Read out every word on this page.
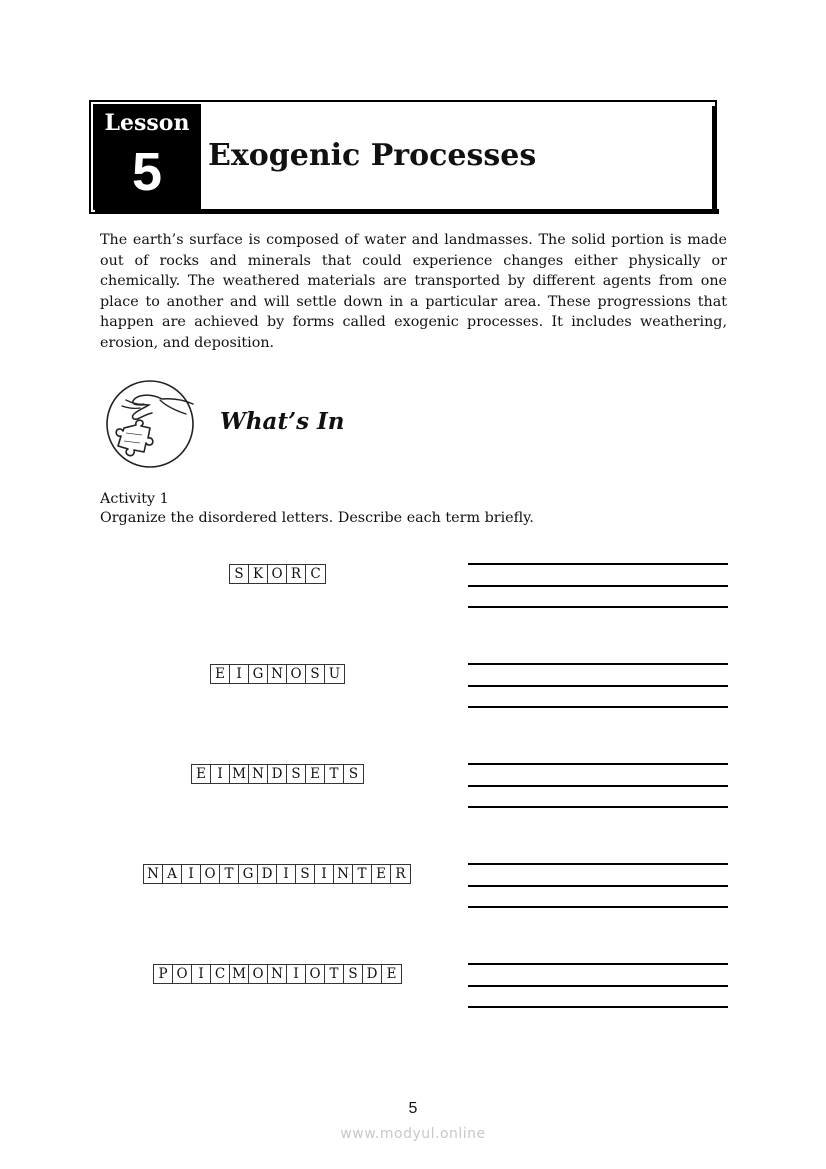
Lesson
5	Exogenic Processes

The earth’s surface is composed of water and landmasses. The solid portion is made out of rocks and minerals that could experience changes either physically or chemically. The weathered materials are transported by different agents from one place to another and will settle down in a particular area. These progressions that happen are achieved by forms called exogenic processes. It includes weathering, erosion, and deposition.

What’s In
Activity 1
Organize the disordered letters. Describe each term briefly.
S K O R C
E I G N O S U
E I M N D S E T S
N A I O T G D I S I N T E R
P O I C M O N I O T S D E
5
www.modyul.online
